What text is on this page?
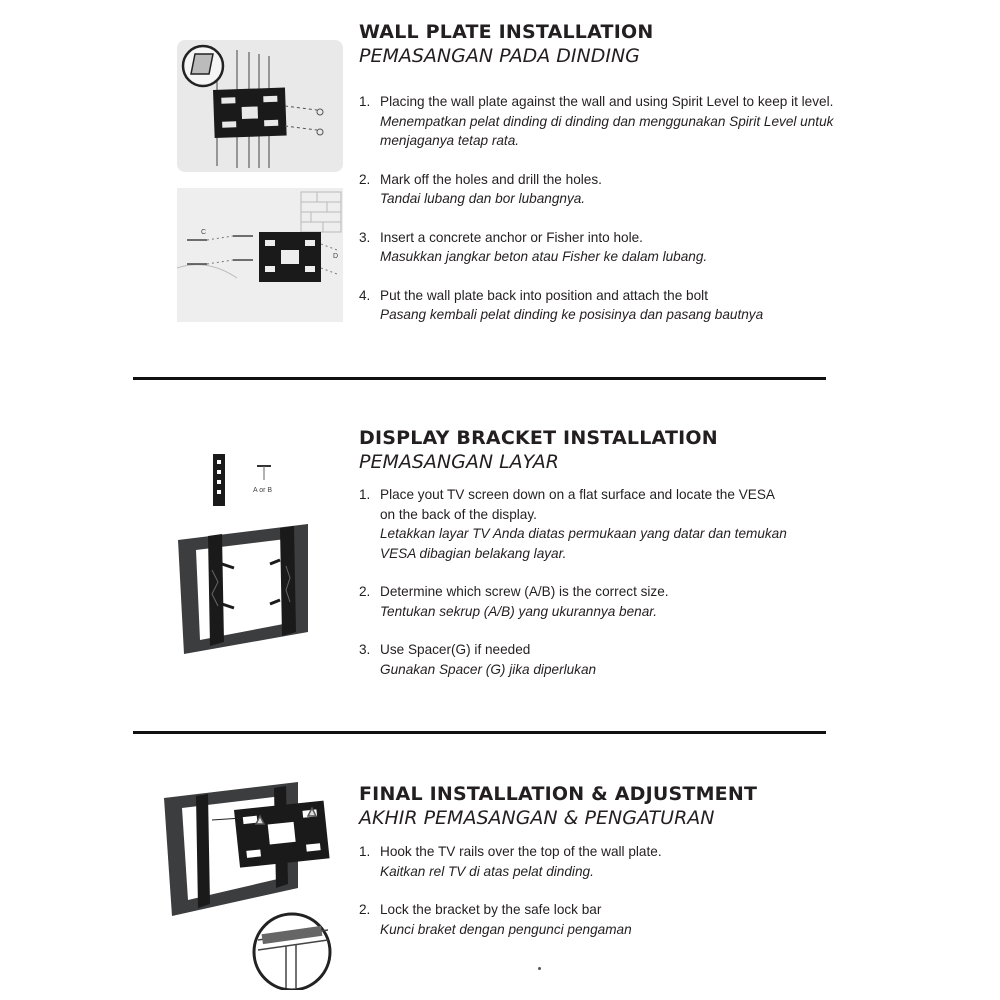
WALL PLATE INSTALLATION
PEMASANGAN PADA DINDING
1. Placing the wall plate against the wall and using Spirit Level to keep it level.
Menempatkan pelat dinding di dinding dan menggunakan Spirit Level untuk menjaganya tetap rata.
2. Mark off the holes and drill the holes.
Tandai lubang dan bor lubangnya.
3. Insert a concrete anchor or Fisher into hole.
Masukkan jangkar beton atau Fisher ke dalam lubang.
4. Put the wall plate back into position and attach the bolt
Pasang kembali pelat dinding ke posisinya dan pasang bautnya
C
D
DISPLAY BRACKET INSTALLATION
PEMASANGAN LAYAR
1. Place yout TV screen down on a flat surface and locate the VESA on the back of the display.
Letakkan layar TV Anda diatas permukaan yang datar dan temukan VESA dibagian belakang layar.
2. Determine which screw (A/B) is the correct size.
Tentukan sekrup (A/B) yang ukurannya benar.
3. Use Spacer(G) if needed
Gunakan Spacer (G) jika diperlukan
A or B
FINAL INSTALLATION & ADJUSTMENT
AKHIR PEMASANGAN & PENGATURAN
1. Hook the TV rails over the top of the wall plate.
Kaitkan rel TV di atas pelat dinding.
2. Lock the bracket by the safe lock bar
Kunci braket dengan pengunci pengaman
